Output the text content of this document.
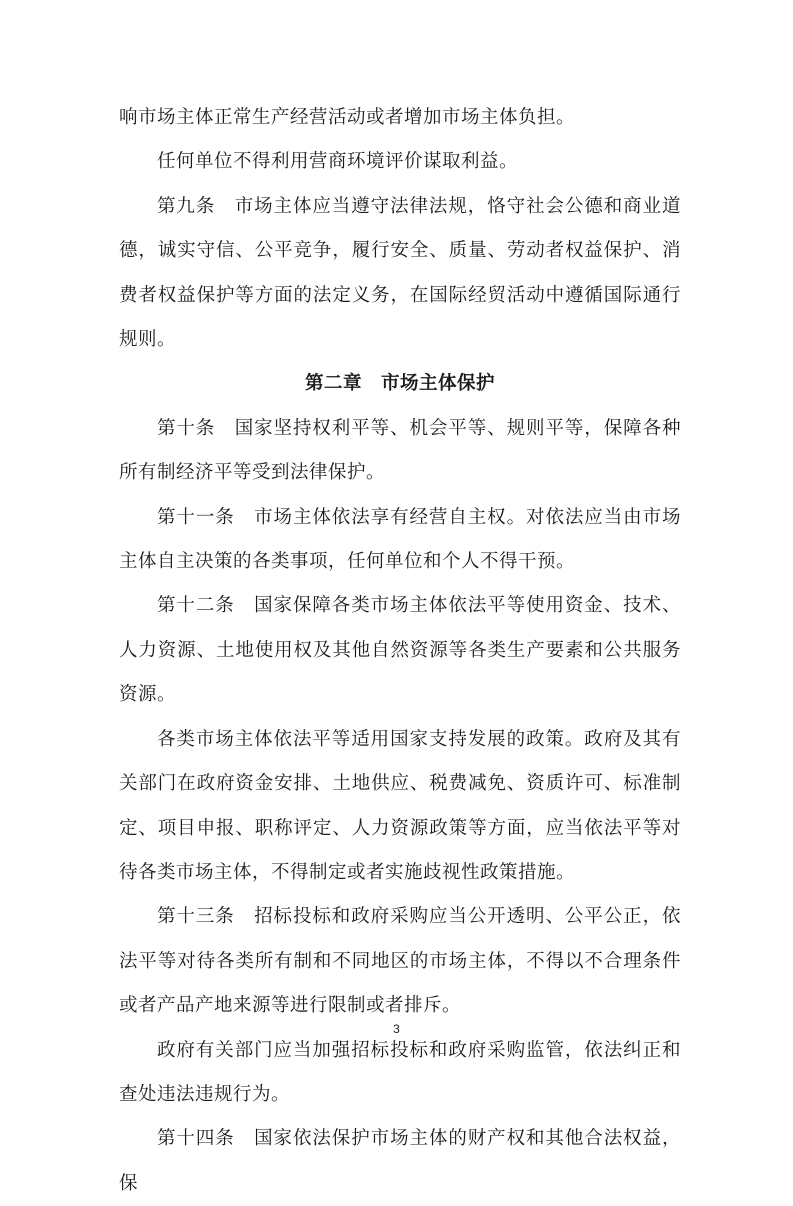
响市场主体正常生产经营活动或者增加市场主体负担。

任何单位不得利用营商环境评价谋取利益。

第九条　市场主体应当遵守法律法规，恪守社会公德和商业道德，诚实守信、公平竞争，履行安全、质量、劳动者权益保护、消费者权益保护等方面的法定义务，在国际经贸活动中遵循国际通行规则。

第二章　市场主体保护

第十条　国家坚持权利平等、机会平等、规则平等，保障各种所有制经济平等受到法律保护。

第十一条　市场主体依法享有经营自主权。对依法应当由市场主体自主决策的各类事项，任何单位和个人不得干预。

第十二条　国家保障各类市场主体依法平等使用资金、技术、人力资源、土地使用权及其他自然资源等各类生产要素和公共服务资源。

各类市场主体依法平等适用国家支持发展的政策。政府及其有关部门在政府资金安排、土地供应、税费减免、资质许可、标准制定、项目申报、职称评定、人力资源政策等方面，应当依法平等对待各类市场主体，不得制定或者实施歧视性政策措施。

第十三条　招标投标和政府采购应当公开透明、公平公正，依法平等对待各类所有制和不同地区的市场主体，不得以不合理条件或者产品产地来源等进行限制或者排斥。

政府有关部门应当加强招标投标和政府采购监管，依法纠正和查处违法违规行为。

第十四条　国家依法保护市场主体的财产权和其他合法权益，保

3
